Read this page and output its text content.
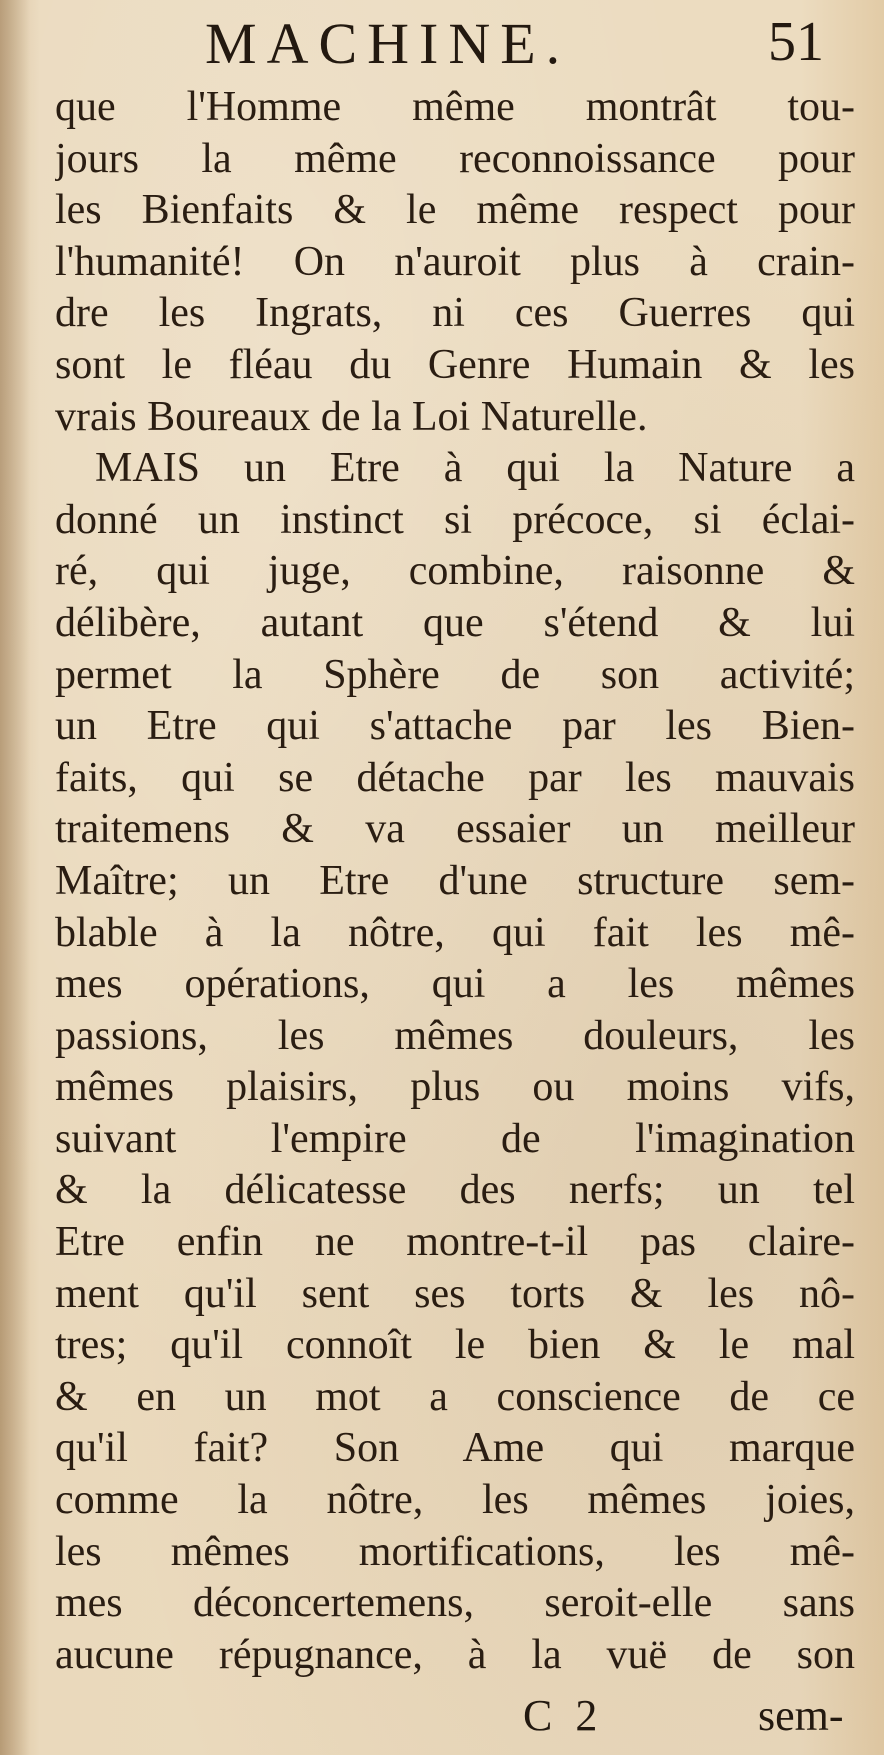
MACHINE.	51
que l'Homme même montrât tou-
jours la même reconnoissance pour
les Bienfaits & le même respect pour
l'humanité! On n'auroit plus à crain-
dre les Ingrats, ni ces Guerres qui
sont le fléau du Genre Humain & les
vrais Boureaux de la Loi Naturelle.
MAIS un Etre à qui la Nature a
donné un instinct si précoce, si éclai-
ré, qui juge, combine, raisonne &
délibère, autant que s'étend & lui
permet la Sphère de son activité;
un Etre qui s'attache par les Bien-
faits, qui se détache par les mauvais
traitemens & va essaier un meilleur
Maître; un Etre d'une structure sem-
blable à la nôtre, qui fait les mê-
mes opérations, qui a les mêmes
passions, les mêmes douleurs, les
mêmes plaisirs, plus ou moins vifs,
suivant l'empire de l'imagination
& la délicatesse des nerfs; un tel
Etre enfin ne montre-t-il pas claire-
ment qu'il sent ses torts & les nô-
tres; qu'il connoît le bien & le mal
& en un mot a conscience de ce
qu'il fait? Son Ame qui marque
comme la nôtre, les mêmes joies,
les mêmes mortifications, les mê-
mes déconcertemens, seroit-elle sans
aucune répugnance, à la vuë de son
C 2	sem-
